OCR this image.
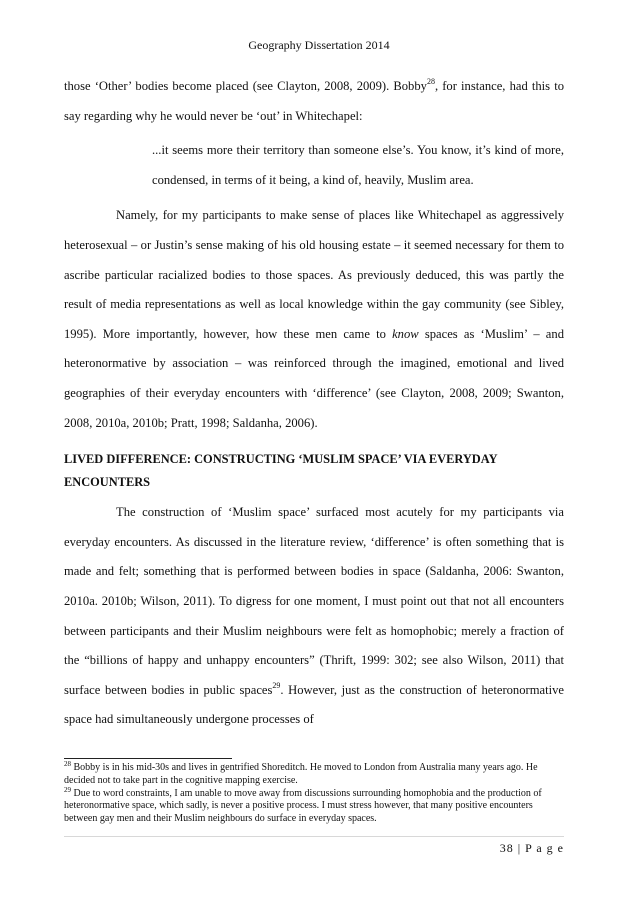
Geography Dissertation 2014

those ‘Other’ bodies become placed (see Clayton, 2008, 2009). Bobby$^{28}$, for instance, had this to say regarding why he would never be ‘out’ in Whitechapel:

...it seems more their territory than someone else’s. You know, it’s kind of more, condensed, in terms of it being, a kind of, heavily, Muslim area.

Namely, for my participants to make sense of places like Whitechapel as aggressively heterosexual – or Justin’s sense making of his old housing estate – it seemed necessary for them to ascribe particular racialized bodies to those spaces. As previously deduced, this was partly the result of media representations as well as local knowledge within the gay community (see Sibley, 1995). More importantly, however, how these men came to know spaces as ‘Muslim’ – and heteronormative by association – was reinforced through the imagined, emotional and lived geographies of their everyday encounters with ‘difference’ (see Clayton, 2008, 2009; Swanton, 2008, 2010a, 2010b; Pratt, 1998; Saldanha, 2006).

LIVED DIFFERENCE: CONSTRUCTING ‘MUSLIM SPACE’ VIA EVERYDAY
ENCOUNTERS

The construction of ‘Muslim space’ surfaced most acutely for my participants via everyday encounters. As discussed in the literature review, ‘difference’ is often something that is made and felt; something that is performed between bodies in space (Saldanha, 2006: Swanton, 2010a. 2010b; Wilson, 2011). To digress for one moment, I must point out that not all encounters between participants and their Muslim neighbours were felt as homophobic; merely a fraction of the “billions of happy and unhappy encounters” (Thrift, 1999: 302; see also Wilson, 2011) that surface between bodies in public spaces$^{29}$. However, just as the construction of heteronormative space had simultaneously undergone processes of

$^{28}$ Bobby is in his mid-30s and lives in gentrified Shoreditch. He moved to London from Australia many years ago. He decided not to take part in the cognitive mapping exercise.

$^{29}$ Due to word constraints, I am unable to move away from discussions surrounding homophobia and the production of heteronormative space, which sadly, is never a positive process. I must stress however, that many positive encounters between gay men and their Muslim neighbours do surface in everyday spaces.

38 | P a g e
